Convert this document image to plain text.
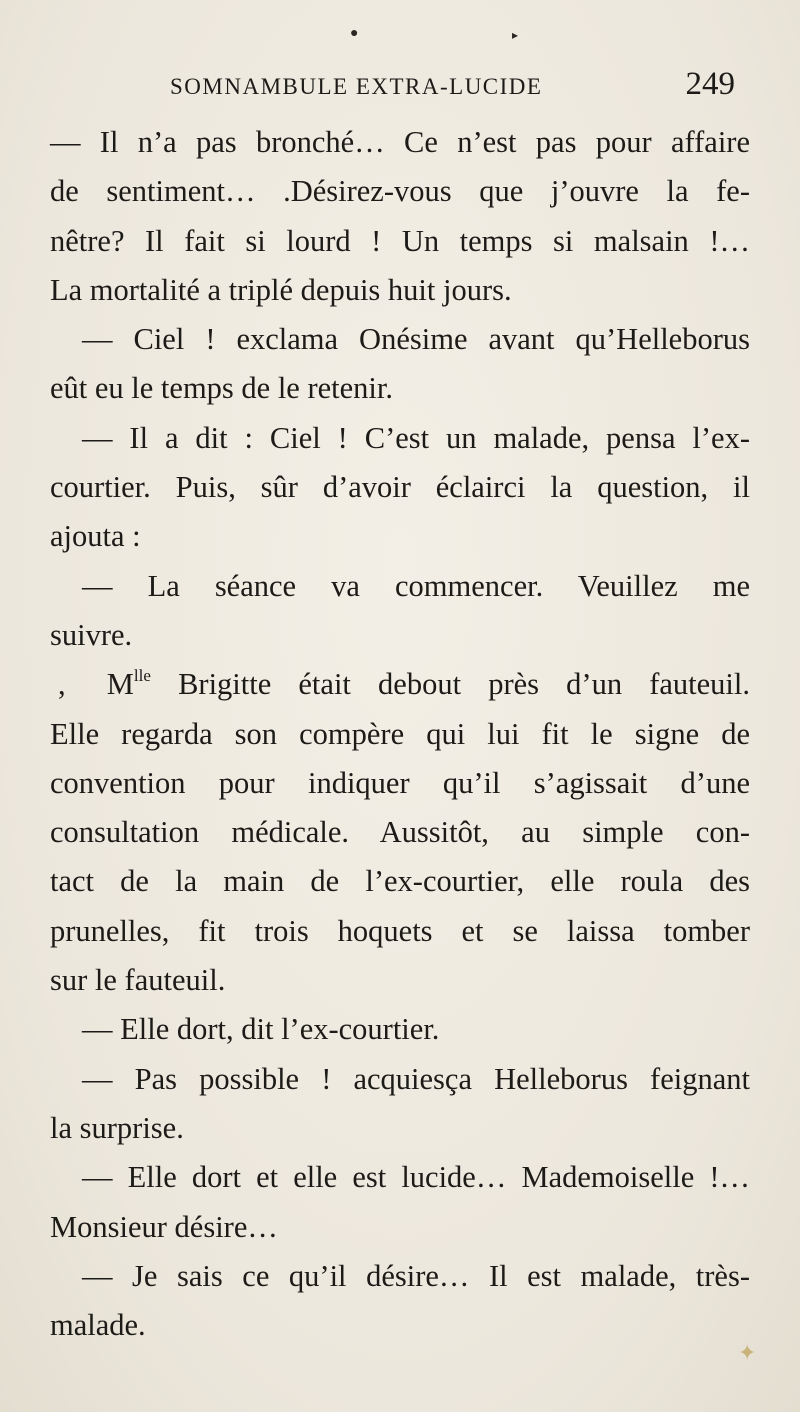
●	▸
✦
SOMNAMBULE EXTRA-LUCIDE	249
— Il n’a pas bronché… Ce n’est pas pour affaire
de sentiment… .Désirez-vous que j’ouvre la fe-
nêtre? Il fait si lourd ! Un temps si malsain !…
La mortalité a triplé depuis huit jours.
— Ciel ! exclama Onésime avant qu’Helleborus
eût eu le temps de le retenir.
— Il a dit : Ciel ! C’est un malade, pensa l’ex-
courtier. Puis, sûr d’avoir éclairci la question, il
ajouta :
— La séance va commencer. Veuillez me
suivre.
, $M^{lle}$ Brigitte était debout près d’un fauteuil.
Elle regarda son compère qui lui fit le signe de
convention pour indiquer qu’il s’agissait d’une
consultation médicale. Aussitôt, au simple con-
tact de la main de l’ex-courtier, elle roula des
prunelles, fit trois hoquets et se laissa tomber
sur le fauteuil.
— Elle dort, dit l’ex-courtier.
— Pas possible ! acquiesça Helleborus feignant
la surprise.
— Elle dort et elle est lucide… Mademoiselle !…
Monsieur désire…
— Je sais ce qu’il désire… Il est malade, très-
malade.
